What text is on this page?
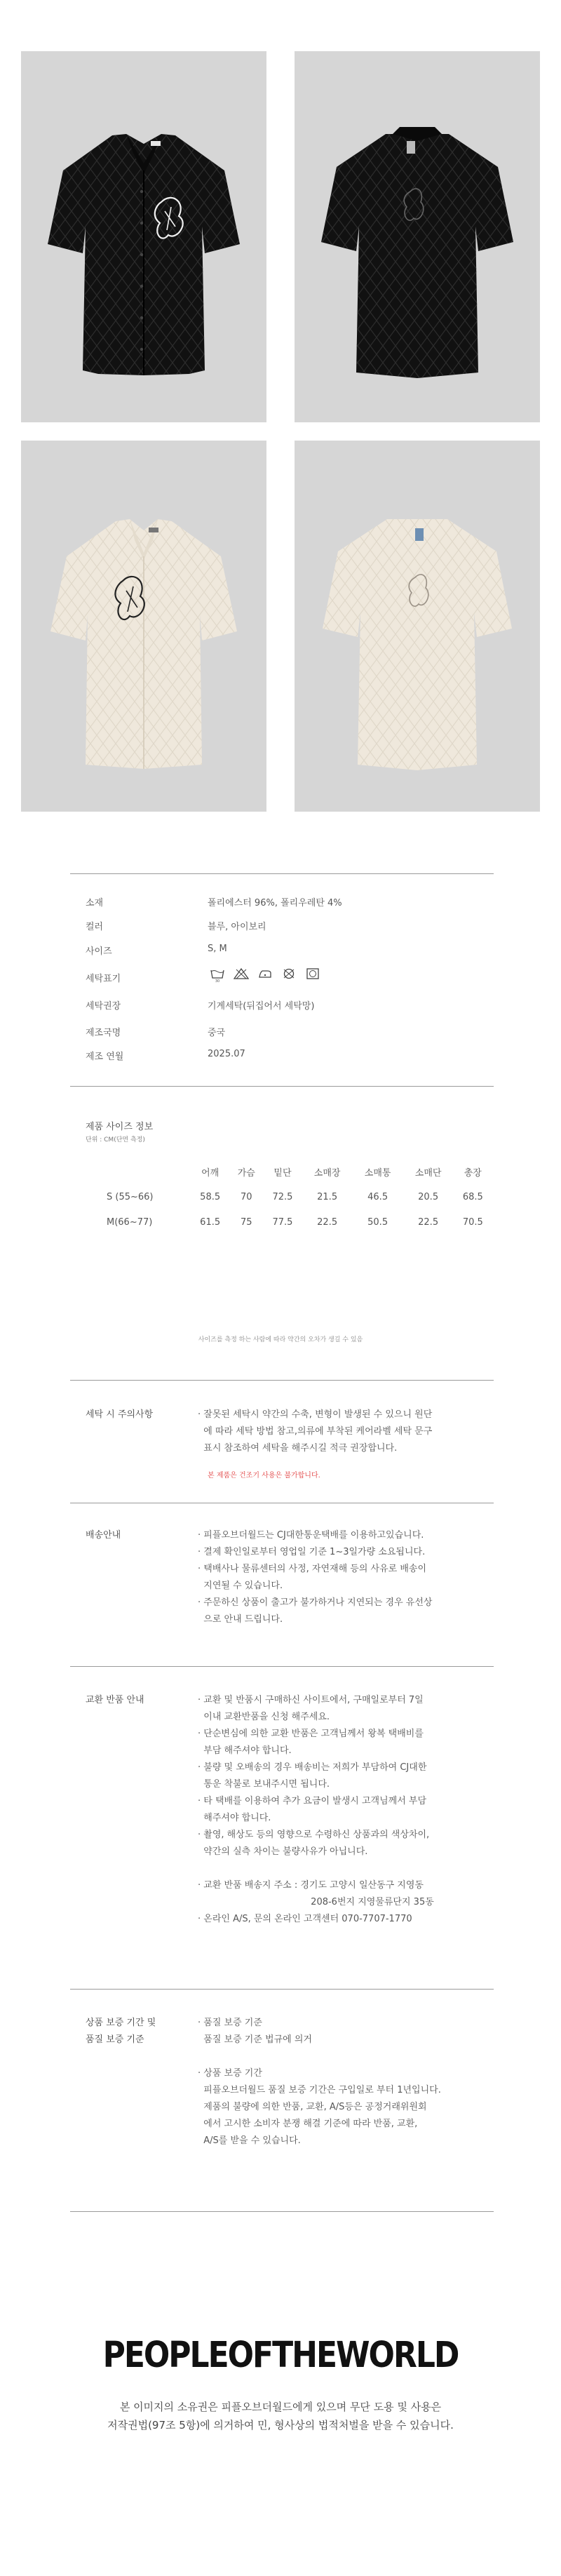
소재	폴리에스터 96%, 폴리우레탄 4%
컬러	블루, 아이보리
사이즈	S, M
세탁표기	30
세탁권장	기계세탁(뒤집어서 세탁망)
제조국명	중국
제조 연월	2025.07
제품 사이즈 정보
단위 : CM(단면 측정)
	어깨	가슴	밑단	소매장	소매통	소매단	총장
S (55~66)	58.5	70	72.5	21.5	46.5	20.5	68.5
M(66~77)	61.5	75	77.5	22.5	50.5	22.5	70.5
사이즈를 측정 하는 사람에 따라 약간의 오차가 생길 수 있음
세탁 시 주의사항	· 잘못된 세탁시 약간의 수축, 변형이 발생된 수 있으니 원단
에 따라 세탁 방법 참고,의류에 부착된 케어라벨 세탁 문구
표시 참조하여 세탁을 해주시길 적극 권장합니다.
본 제품은 건조기 사용은 불가합니다.
배송안내	· 피플오브더월드는 CJ대한통운택배를 이용하고있습니다.
· 결제 확인일로부터 영업일 기준 1~3일가량 소요됩니다.
· 택배사나 물류센터의 사정, 자연재해 등의 사유로 배송이
지연될 수 있습니다.
· 주문하신 상품이 출고가 불가하거나 지연되는 경우 유선상
으로 안내 드립니다.
교환 반품 안내	· 교환 및 반품시 구매하신 사이트에서, 구매일로부터 7일
이내 교환반품을 신청 해주세요.
· 단순변심에 의한 교환 반품은 고객님께서 왕복 택배비를
부담 해주셔야 합니다.
· 불량 및 오배송의 경우 배송비는 저희가 부담하여 CJ대한
통운 착불로 보내주시면 됩니다.
· 타 택배를 이용하여 추가 요금이 발생시 고객님께서 부담
해주셔야 합니다.
· 촬영, 해상도 등의 영향으로 수령하신 상품과의 색상차이,
약간의 실측 차이는 불량사유가 아닙니다.

· 교환 반품 배송지 주소 : 경기도 고양시 일산동구 지영동
208-6번지 지영물류단지 35동
· 온라인 A/S, 문의 온라인 고객센터 070-7707-1770
상품 보증 기간 및
품질 보증 기준
· 품질 보증 기준
품질 보증 기준 법규에 의거

· 상품 보증 기간
피플오브더월드 품질 보증 기간은 구입일로 부터 1년입니다.
제품의 불량에 의한 반품, 교환, A/S등은 공정거래위원회
에서 고시한 소비자 분쟁 해결 기준에 따라 반품, 교환,
A/S를 받을 수 있습니다.
PEOPLEOFTHEWORLD
본 이미지의 소유권은 피플오브더월드에게 있으며 무단 도용 및 사용은
저작권법(97조 5항)에 의거하여 민, 형사상의 법적처벌을 받을 수 있습니다.
